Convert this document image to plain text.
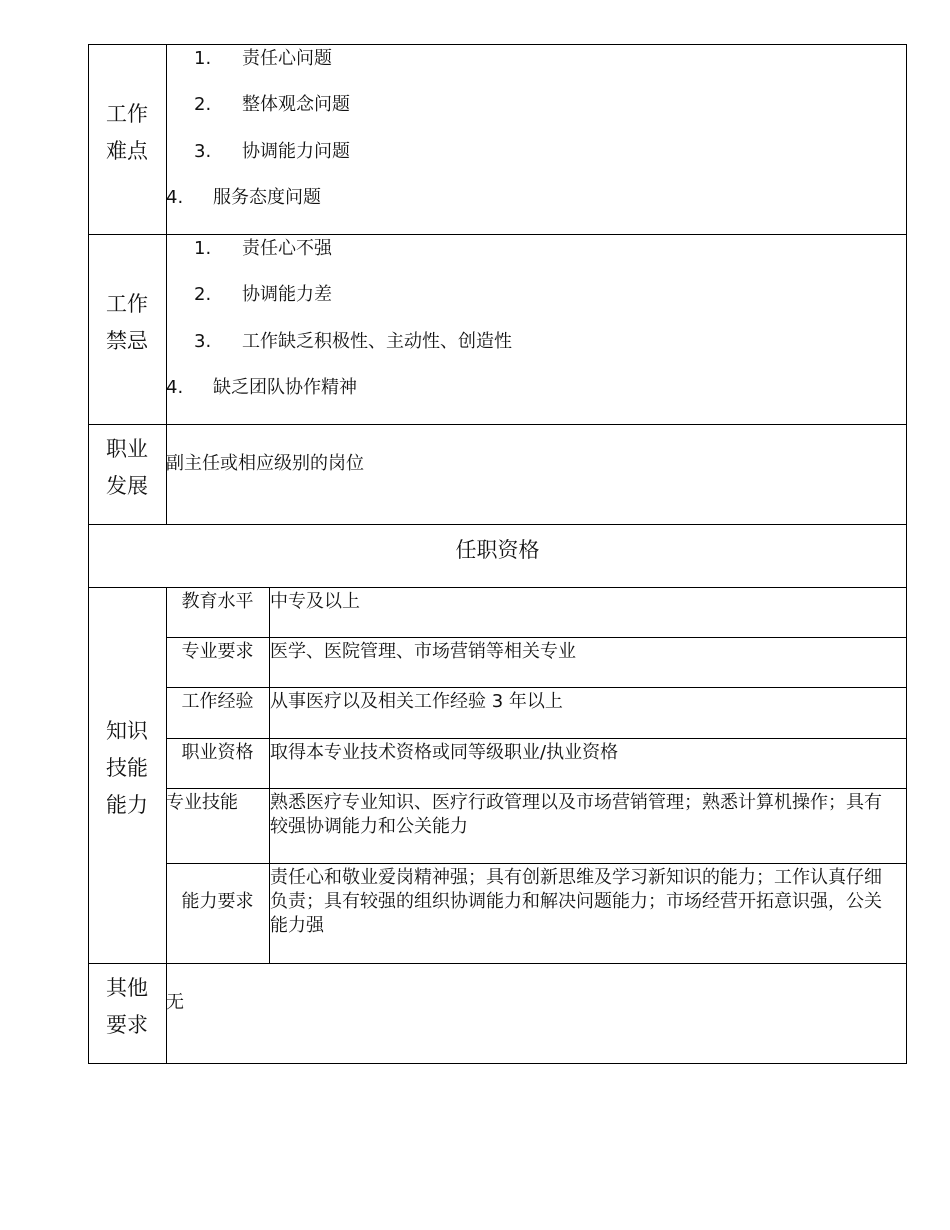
工作
难点
1. 责任心问题
2. 整体观念问题
3. 协调能力问题
4. 服务态度问题
工作
禁忌
1. 责任心不强
2. 协调能力差
3. 工作缺乏积极性、主动性、创造性
4. 缺乏团队协作精神
职业
发展
副主任或相应级别的岗位
任职资格
知识
技能
能力
教育水平 中专及以上
专业要求 医学、医院管理、市场营销等相关专业
工作经验 从事医疗以及相关工作经验 3 年以上
职业资格 取得本专业技术资格或同等级职业/执业资格
专业技能 熟悉医疗专业知识、医疗行政管理以及市场营销管理；熟悉计算机操作；具有较强协调能力和公关能力
能力要求
责任心和敬业爱岗精神强；具有创新思维及学习新知识的能力；工作认真仔细负责；具有较强的组织协调能力和解决问题能力；市场经营开拓意识强，公关能力强
其他
要求
无
